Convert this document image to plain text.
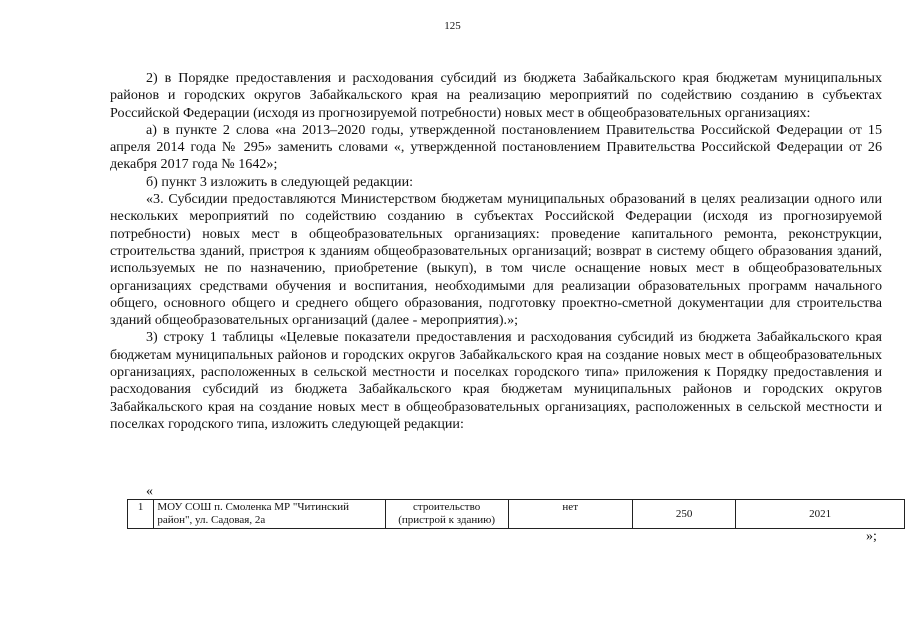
125

2) в Порядке предоставления и расходования субсидий из бюджета Забайкальского края бюджетам муниципальных районов и городских округов Забайкальского края на реализацию мероприятий по содействию созданию в субъектах Российской Федерации (исходя из прогнозируемой потребности) новых мест в общеобразовательных организациях:

а) в пункте 2 слова «на 2013–2020 годы, утвержденной постановлением Правительства Российской Федерации от 15 апреля 2014 года № 295» заменить словами «, утвержденной постановлением Правительства Российской Федерации от 26 декабря 2017 года № 1642»;

б) пункт 3 изложить в следующей редакции:

«3. Субсидии предоставляются Министерством бюджетам муниципальных образований в целях реализации одного или нескольких мероприятий по содействию созданию в субъектах Российской Федерации (исходя из прогнозируемой потребности) новых мест в общеобразовательных организациях: проведение капитального ремонта, реконструкции, строительства зданий, пристроя к зданиям общеобразовательных организаций; возврат в систему общего образования зданий, используемых не по назначению, приобретение (выкуп), в том числе оснащение новых мест в общеобразовательных организациях средствами обучения и воспитания, необходимыми для реализации образовательных программ начального общего, основного общего и среднего общего образования, подготовку проектно-сметной документации для строительства зданий общеобразовательных организаций (далее - мероприятия).»;

3) строку 1 таблицы «Целевые показатели предоставления и расходования субсидий из бюджета Забайкальского края бюджетам муниципальных районов и городских округов Забайкальского края на создание новых мест в общеобразовательных организациях, расположенных в сельской местности и поселках городского типа» приложения к Порядку предоставления и расходования субсидий из бюджета Забайкальского края бюджетам муниципальных районов и городских округов Забайкальского края на создание новых мест в общеобразовательных организациях, расположенных в сельской местности и поселках городского типа, изложить следующей редакции:

«
1	МОУ СОШ п. Смоленка МР "Читинский район", ул. Садовая, 2а	строительство (пристрой к зданию)	нет	250	2021
»;
